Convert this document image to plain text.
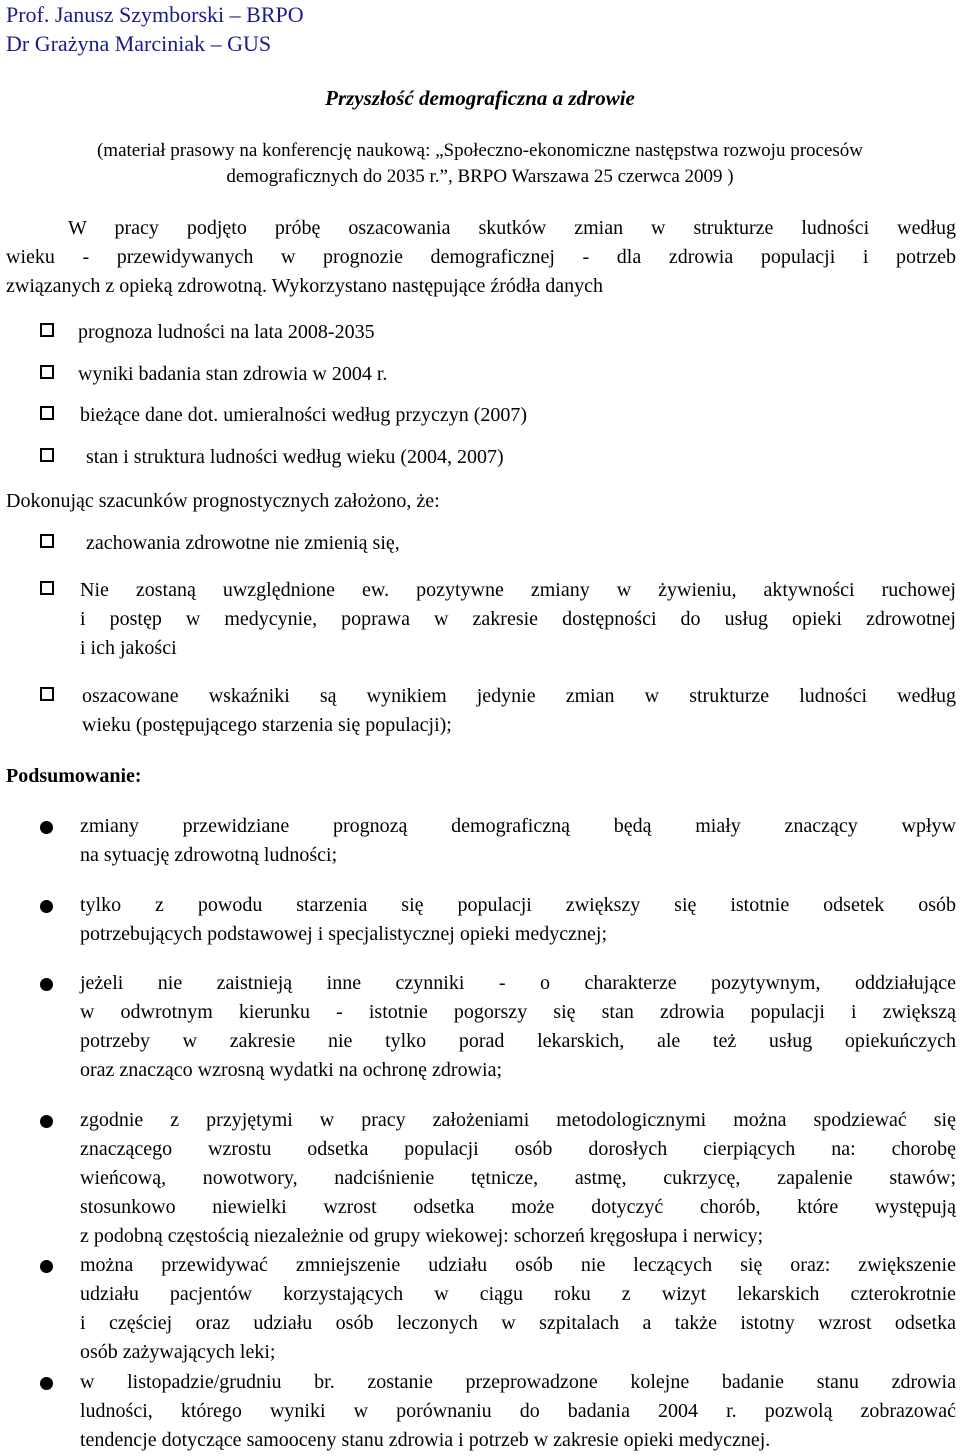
Prof. Janusz Szymborski – BRPO
Dr Grażyna Marciniak – GUS
Przyszłość demograficzna a zdrowie
(materiał prasowy na konferencję naukową: „Społeczno-ekonomiczne następstwa rozwoju procesów
demograficznych do 2035 r.”, BRPO Warszawa 25 czerwca 2009 )
W pracy podjęto próbę oszacowania skutków zmian w strukturze ludności według
wieku - przewidywanych w prognozie demograficznej - dla zdrowia populacji i potrzeb
związanych z opieką zdrowotną. Wykorzystano następujące źródła danych
prognoza ludności na lata 2008-2035
wyniki badania stan zdrowia w 2004 r.
bieżące dane dot. umieralności według przyczyn (2007)
stan i struktura ludności według wieku (2004, 2007)
Dokonując szacunków prognostycznych założono, że:
zachowania zdrowotne nie zmienią się,
Nie zostaną uwzględnione ew. pozytywne zmiany w żywieniu, aktywności ruchowej
i postęp w medycynie, poprawa w zakresie dostępności do usług opieki zdrowotnej
i ich jakości
oszacowane wskaźniki są wynikiem jedynie zmian w strukturze ludności według
wieku (postępującego starzenia się populacji);
Podsumowanie:
zmiany przewidziane prognozą demograficzną będą miały znaczący wpływ
na sytuację zdrowotną ludności;
tylko z powodu starzenia się populacji zwiększy się istotnie odsetek osób
potrzebujących podstawowej i specjalistycznej opieki medycznej;
jeżeli nie zaistnieją inne czynniki - o charakterze pozytywnym, oddziałujące
w odwrotnym kierunku - istotnie pogorszy się stan zdrowia populacji i zwiększą
potrzeby w zakresie nie tylko porad lekarskich, ale też usług opiekuńczych
oraz znacząco wzrosną wydatki na ochronę zdrowia;
zgodnie z przyjętymi w pracy założeniami metodologicznymi można spodziewać się
znaczącego wzrostu odsetka populacji osób dorosłych cierpiących na: chorobę
wieńcową, nowotwory, nadciśnienie tętnicze, astmę, cukrzycę, zapalenie stawów;
stosunkowo niewielki wzrost odsetka może dotyczyć chorób, które występują
z podobną częstością niezależnie od grupy wiekowej: schorzeń kręgosłupa i nerwicy;
można przewidywać zmniejszenie udziału osób nie leczących się oraz: zwiększenie
udziału pacjentów korzystających w ciągu roku z wizyt lekarskich czterokrotnie
i częściej oraz udziału osób leczonych w szpitalach a także istotny wzrost odsetka
osób zażywających leki;
w listopadzie/grudniu br. zostanie przeprowadzone kolejne badanie stanu zdrowia
ludności, którego wyniki w porównaniu do badania 2004 r. pozwolą zobrazować
tendencje dotyczące samooceny stanu zdrowia i potrzeb w zakresie opieki medycznej.
